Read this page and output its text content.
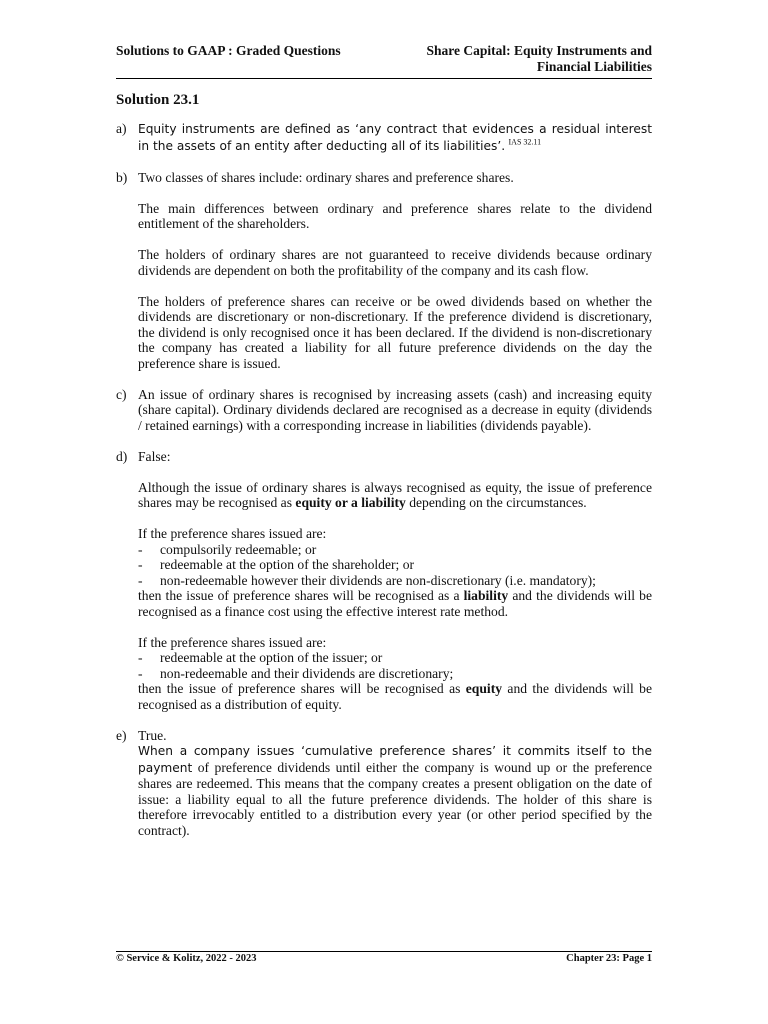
Solutions to GAAP : Graded Questions	Share Capital: Equity Instruments and
Financial Liabilities
Solution 23.1
a) Equity instruments are defined as ‘any contract that evidences a residual interest in the assets of an entity after deducting all of its liabilities’. $^{IAS 32.11}$

b) Two classes of shares include: ordinary shares and preference shares.

The main differences between ordinary and preference shares relate to the dividend entitlement of the shareholders.

The holders of ordinary shares are not guaranteed to receive dividends because ordinary dividends are dependent on both the profitability of the company and its cash flow.

The holders of preference shares can receive or be owed dividends based on whether the dividends are discretionary or non-discretionary. If the preference dividend is discretionary, the dividend is only recognised once it has been declared. If the dividend is non-discretionary the company has created a liability for all future preference dividends on the day the preference share is issued.

c) An issue of ordinary shares is recognised by increasing assets (cash) and increasing equity (share capital). Ordinary dividends declared are recognised as a decrease in equity (dividends / retained earnings) with a corresponding increase in liabilities (dividends payable).

d) False:

Although the issue of ordinary shares is always recognised as equity, the issue of preference shares may be recognised as equity or a liability depending on the circumstances.

If the preference shares issued are:

- compulsorily redeemable; or
- redeemable at the option of the shareholder; or
- non-redeemable however their dividends are non-discretionary (i.e. mandatory);

then the issue of preference shares will be recognised as a liability and the dividends will be recognised as a finance cost using the effective interest rate method.

If the preference shares issued are:

- redeemable at the option of the issuer; or
- non-redeemable and their dividends are discretionary;

then the issue of preference shares will be recognised as equity and the dividends will be recognised as a distribution of equity.

e) True.

When a company issues ‘cumulative preference shares’ it commits itself to the payment of preference dividends until either the company is wound up or the preference shares are redeemed. This means that the company creates a present obligation on the date of issue: a liability equal to all the future preference dividends. The holder of this share is therefore irrevocably entitled to a distribution every year (or other period specified by the contract).

© Service & Kolitz, 2022 - 2023	Chapter 23: Page 1
